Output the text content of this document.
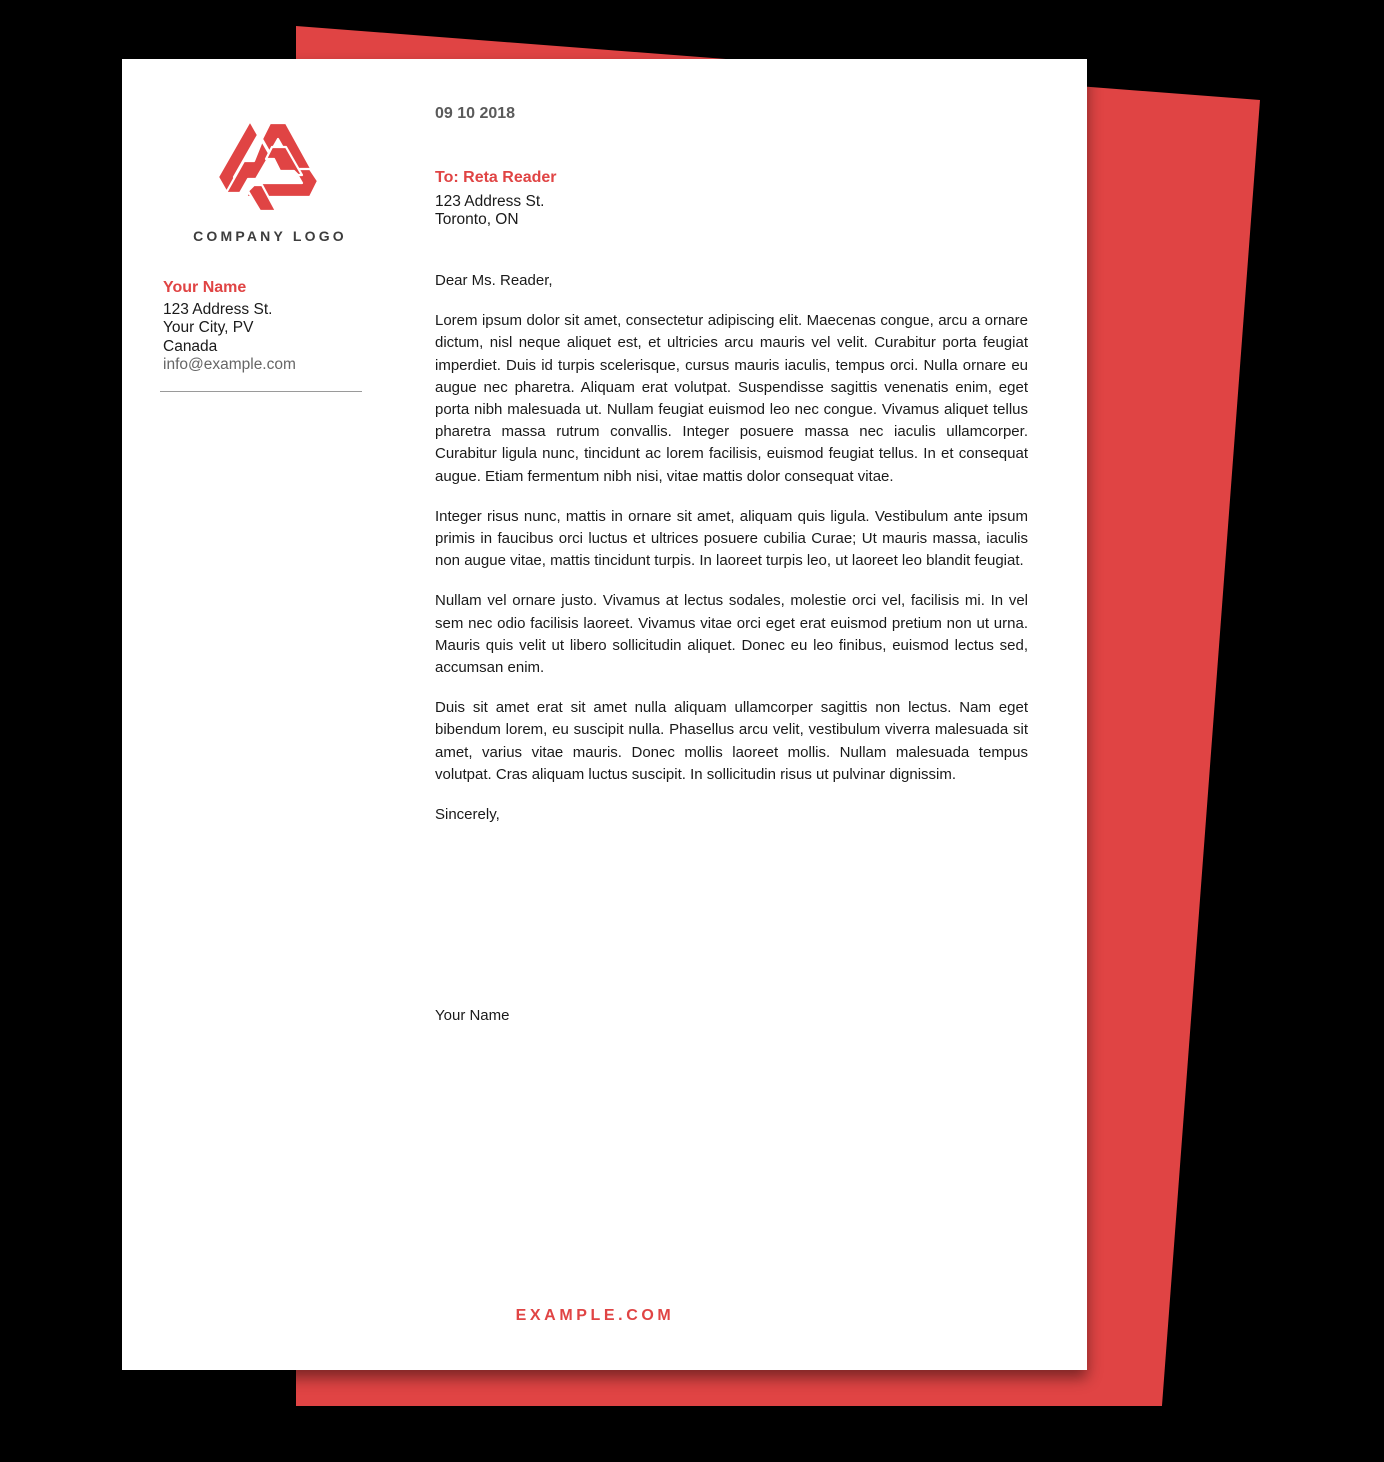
COMPANY LOGO
Your Name
123 Address St.
Your City, PV
Canada
info@example.com
09 10 2018
To: Reta Reader
123 Address St.
Toronto, ON

Dear Ms. Reader,

Lorem ipsum dolor sit amet, consectetur adipiscing elit. Maecenas congue, arcu a ornare dictum, nisl neque aliquet est, et ultricies arcu mauris vel velit. Curabitur porta feugiat imperdiet. Duis id turpis scelerisque, cursus mauris iaculis, tempus orci. Nulla ornare eu augue nec pharetra. Aliquam erat volutpat. Suspendisse sagittis venenatis enim, eget porta nibh malesuada ut. Nullam feugiat euismod leo nec congue. Vivamus aliquet tellus pharetra massa rutrum convallis. Integer posuere massa nec iaculis ullamcorper. Curabitur ligula nunc, tincidunt ac lorem facilisis, euismod feugiat tellus. In et consequat augue. Etiam fermentum nibh nisi, vitae mattis dolor consequat vitae.

Integer risus nunc, mattis in ornare sit amet, aliquam quis ligula. Vestibulum ante ipsum primis in faucibus orci luctus et ultrices posuere cubilia Curae; Ut mauris massa, iaculis non augue vitae, mattis tincidunt turpis. In laoreet turpis leo, ut laoreet leo blandit feugiat.

Nullam vel ornare justo. Vivamus at lectus sodales, molestie orci vel, facilisis mi. In vel sem nec odio facilisis laoreet. Vivamus vitae orci eget erat euismod pretium non ut urna. Mauris quis velit ut libero sollicitudin aliquet. Donec eu leo finibus, euismod lectus sed, accumsan enim.

Duis sit amet erat sit amet nulla aliquam ullamcorper sagittis non lectus. Nam eget bibendum lorem, eu suscipit nulla. Phasellus arcu velit, vestibulum viverra malesuada sit amet, varius vitae mauris. Donec mollis laoreet mollis. Nullam malesuada tempus volutpat. Cras aliquam luctus suscipit. In sollicitudin risus ut pulvinar dignissim.

Sincerely,

Your Name
EXAMPLE.COM
